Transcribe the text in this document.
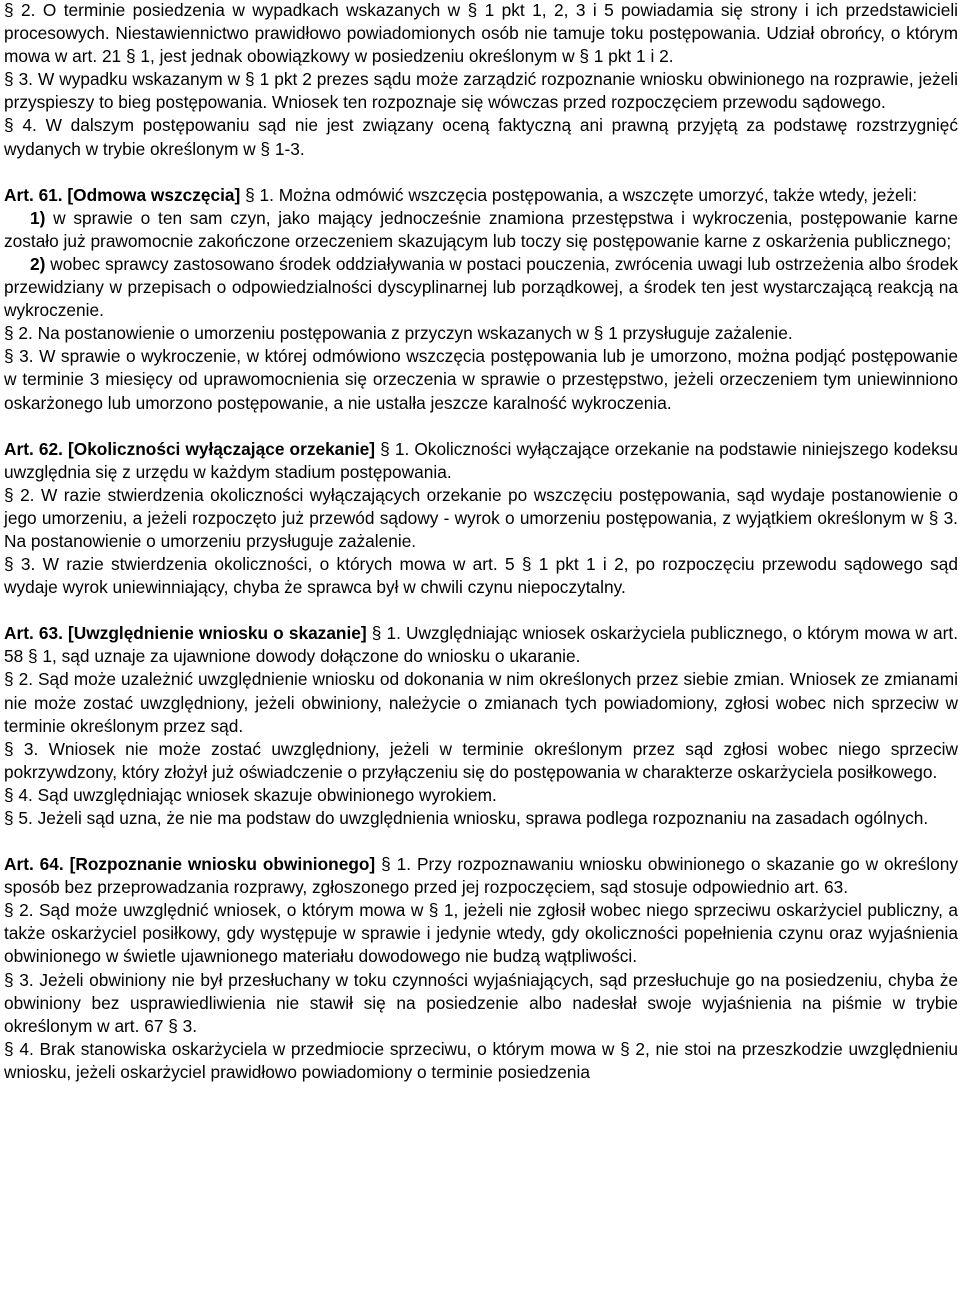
§ 2. O terminie posiedzenia w wypadkach wskazanych w § 1 pkt 1, 2, 3 i 5 powiadamia się strony i ich przedstawicieli procesowych. Niestawiennictwo prawidłowo powiadomionych osób nie tamuje toku postępowania. Udział obrońcy, o którym mowa w art. 21 § 1, jest jednak obowiązkowy w posiedzeniu określonym w § 1 pkt 1 i 2.

§ 3. W wypadku wskazanym w § 1 pkt 2 prezes sądu może zarządzić rozpoznanie wniosku obwinionego na rozprawie, jeżeli przyspieszy to bieg postępowania. Wniosek ten rozpoznaje się wówczas przed rozpoczęciem przewodu sądowego.

§ 4. W dalszym postępowaniu sąd nie jest związany oceną faktyczną ani prawną przyjętą za podstawę rozstrzygnięć wydanych w trybie określonym w § 1-3.

Art. 61. [Odmowa wszczęcia] § 1. Można odmówić wszczęcia postępowania, a wszczęte umorzyć, także wtedy, jeżeli:

1) w sprawie o ten sam czyn, jako mający jednocześnie znamiona przestępstwa i wykroczenia, postępowanie karne zostało już prawomocnie zakończone orzeczeniem skazującym lub toczy się postępowanie karne z oskarżenia publicznego;

2) wobec sprawcy zastosowano środek oddziaływania w postaci pouczenia, zwrócenia uwagi lub ostrzeżenia albo środek przewidziany w przepisach o odpowiedzialności dyscyplinarnej lub porządkowej, a środek ten jest wystarczającą reakcją na wykroczenie.

§ 2. Na postanowienie o umorzeniu postępowania z przyczyn wskazanych w § 1 przysługuje zażalenie.

§ 3. W sprawie o wykroczenie, w której odmówiono wszczęcia postępowania lub je umorzono, można podjąć postępowanie w terminie 3 miesięcy od uprawomocnienia się orzeczenia w sprawie o przestępstwo, jeżeli orzeczeniem tym uniewinniono oskarżonego lub umorzono postępowanie, a nie ustalła jeszcze karalność wykroczenia.

Art. 62. [Okoliczności wyłączające orzekanie] § 1. Okoliczności wyłączające orzekanie na podstawie niniejszego kodeksu uwzględnia się z urzędu w każdym stadium postępowania.

§ 2. W razie stwierdzenia okoliczności wyłączających orzekanie po wszczęciu postępowania, sąd wydaje postanowienie o jego umorzeniu, a jeżeli rozpoczęto już przewód sądowy - wyrok o umorzeniu postępowania, z wyjątkiem określonym w § 3. Na postanowienie o umorzeniu przysługuje zażalenie.

§ 3. W razie stwierdzenia okoliczności, o których mowa w art. 5 § 1 pkt 1 i 2, po rozpoczęciu przewodu sądowego sąd wydaje wyrok uniewinniający, chyba że sprawca był w chwili czynu niepoczytalny.

Art. 63. [Uwzględnienie wniosku o skazanie] § 1. Uwzględniając wniosek oskarżyciela publicznego, o którym mowa w art. 58 § 1, sąd uznaje za ujawnione dowody dołączone do wniosku o ukaranie.

§ 2. Sąd może uzależnić uwzględnienie wniosku od dokonania w nim określonych przez siebie zmian. Wniosek ze zmianami nie może zostać uwzględniony, jeżeli obwiniony, należycie o zmianach tych powiadomiony, zgłosi wobec nich sprzeciw w terminie określonym przez sąd.

§ 3. Wniosek nie może zostać uwzględniony, jeżeli w terminie określonym przez sąd zgłosi wobec niego sprzeciw pokrzywdzony, który złożył już oświadczenie o przyłączeniu się do postępowania w charakterze oskarżyciela posiłkowego.

§ 4. Sąd uwzględniając wniosek skazuje obwinionego wyrokiem.

§ 5. Jeżeli sąd uzna, że nie ma podstaw do uwzględnienia wniosku, sprawa podlega rozpoznaniu na zasadach ogólnych.

Art. 64. [Rozpoznanie wniosku obwinionego] § 1. Przy rozpoznawaniu wniosku obwinionego o skazanie go w określony sposób bez przeprowadzania rozprawy, zgłoszonego przed jej rozpoczęciem, sąd stosuje odpowiednio art. 63.

§ 2. Sąd może uwzględnić wniosek, o którym mowa w § 1, jeżeli nie zgłosił wobec niego sprzeciwu oskarżyciel publiczny, a także oskarżyciel posiłkowy, gdy występuje w sprawie i jedynie wtedy, gdy okoliczności popełnienia czynu oraz wyjaśnienia obwinionego w świetle ujawnionego materiału dowodowego nie budzą wątpliwości.

§ 3. Jeżeli obwiniony nie był przesłuchany w toku czynności wyjaśniających, sąd przesłuchuje go na posiedzeniu, chyba że obwiniony bez usprawiedliwienia nie stawił się na posiedzenie albo nadesłał swoje wyjaśnienia na piśmie w trybie określonym w art. 67 § 3.

§ 4. Brak stanowiska oskarżyciela w przedmiocie sprzeciwu, o którym mowa w § 2, nie stoi na przeszkodzie uwzględnieniu wniosku, jeżeli oskarżyciel prawidłowo powiadomiony o terminie posiedzenia
